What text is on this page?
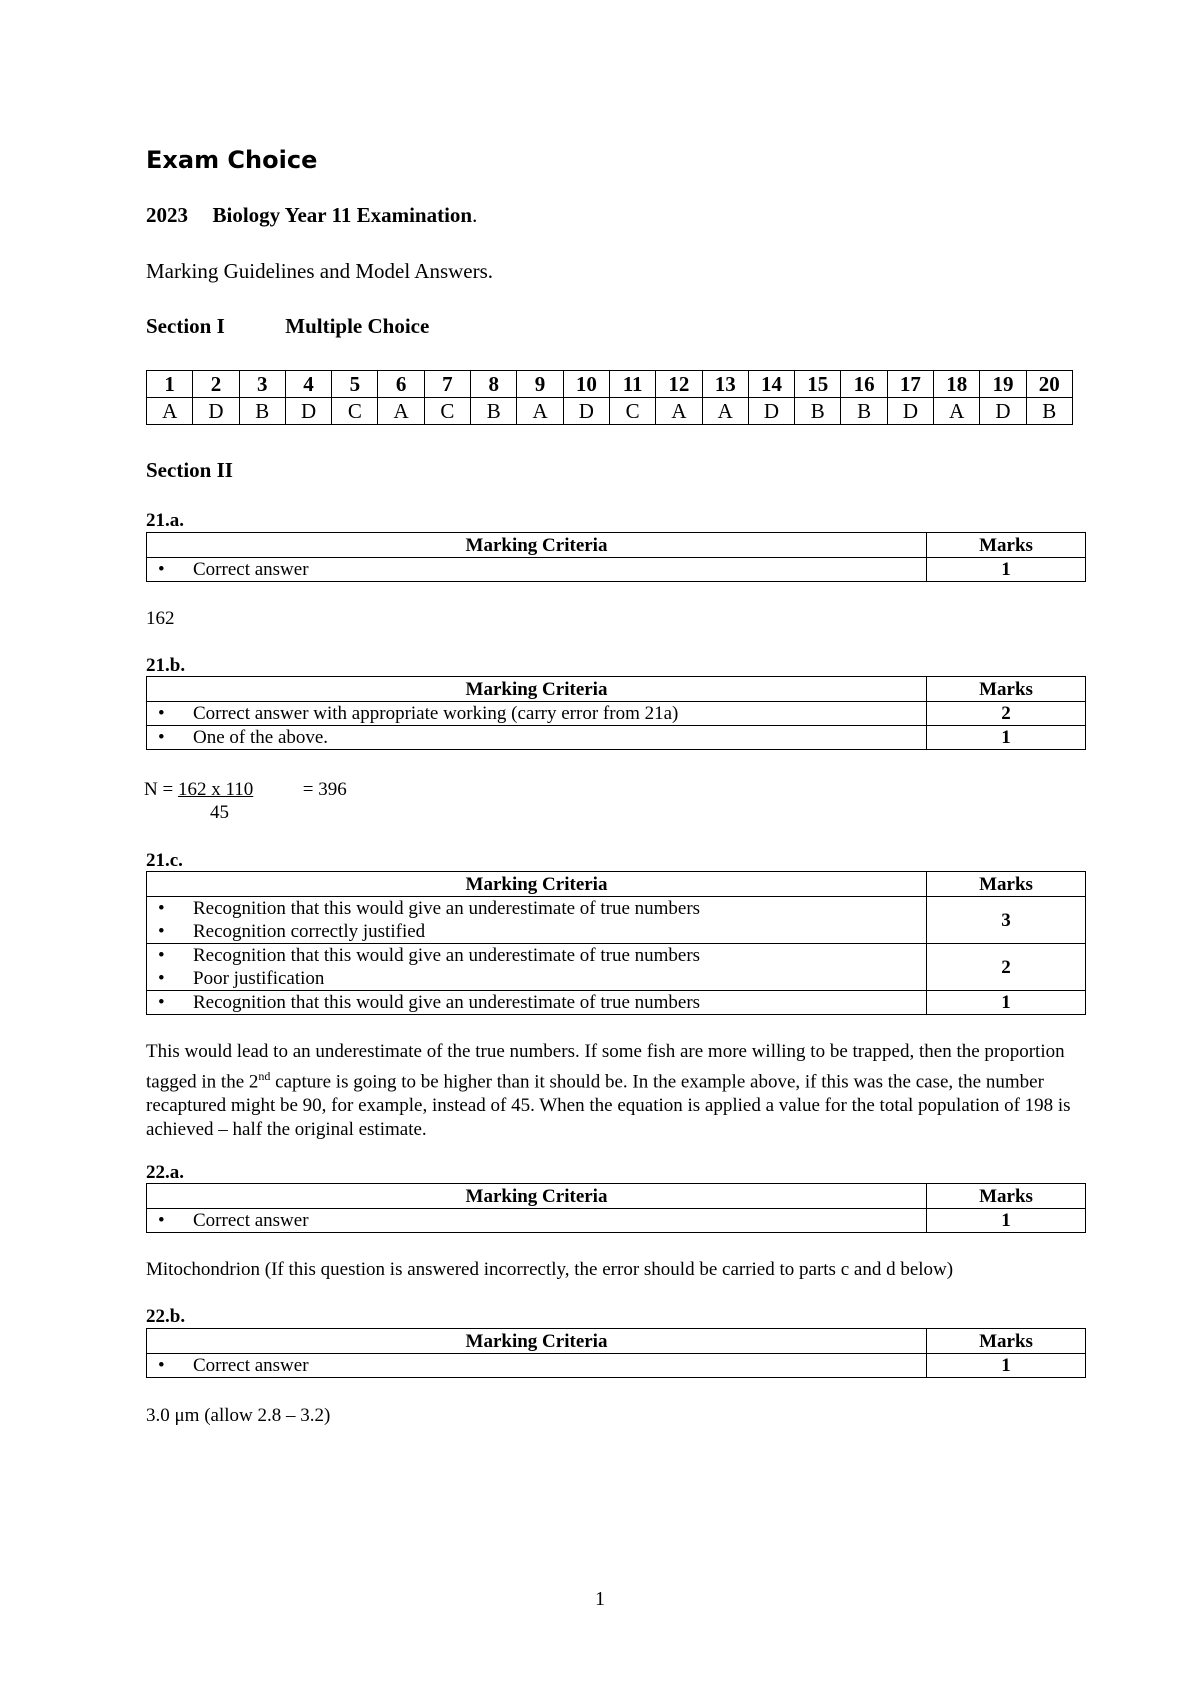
Exam Choice
2023 Biology Year 11 Examination.
Marking Guidelines and Model Answers.
Section I	Multiple Choice
1	2	3	4	5	6	7	8	9	10	11	12	13	14	15	16	17	18	19	20
A	D	B	D	C	A	C	B	A	D	C	A	A	D	B	B	D	A	D	B
Section II
21.a.
Marking Criteria	Marks

• Correct answer	1
162
21.b.
Marking Criteria	Marks

• Correct answer with appropriate working (carry error from 21a)	2

• One of the above.	1
N = 162 x 110	= 396
45
21.c.
Marking Criteria	Marks

• Recognition that this would give an underestimate of true numbers
• Recognition correctly justified	3

• Recognition that this would give an underestimate of true numbers
• Poor justification	2

• Recognition that this would give an underestimate of true numbers	1
This would lead to an underestimate of the true numbers. If some fish are more willing to be trapped, then the proportion tagged in the 2nd capture is going to be higher than it should be. In the example above, if this was the case, the number recaptured might be 90, for example, instead of 45. When the equation is applied a value for the total population of 198 is achieved – half the original estimate.
22.a.
Marking Criteria	Marks

• Correct answer	1
Mitochondrion (If this question is answered incorrectly, the error should be carried to parts c and d below)
22.b.
Marking Criteria	Marks

• Correct answer	1
3.0 μm (allow 2.8 – 3.2)
1
